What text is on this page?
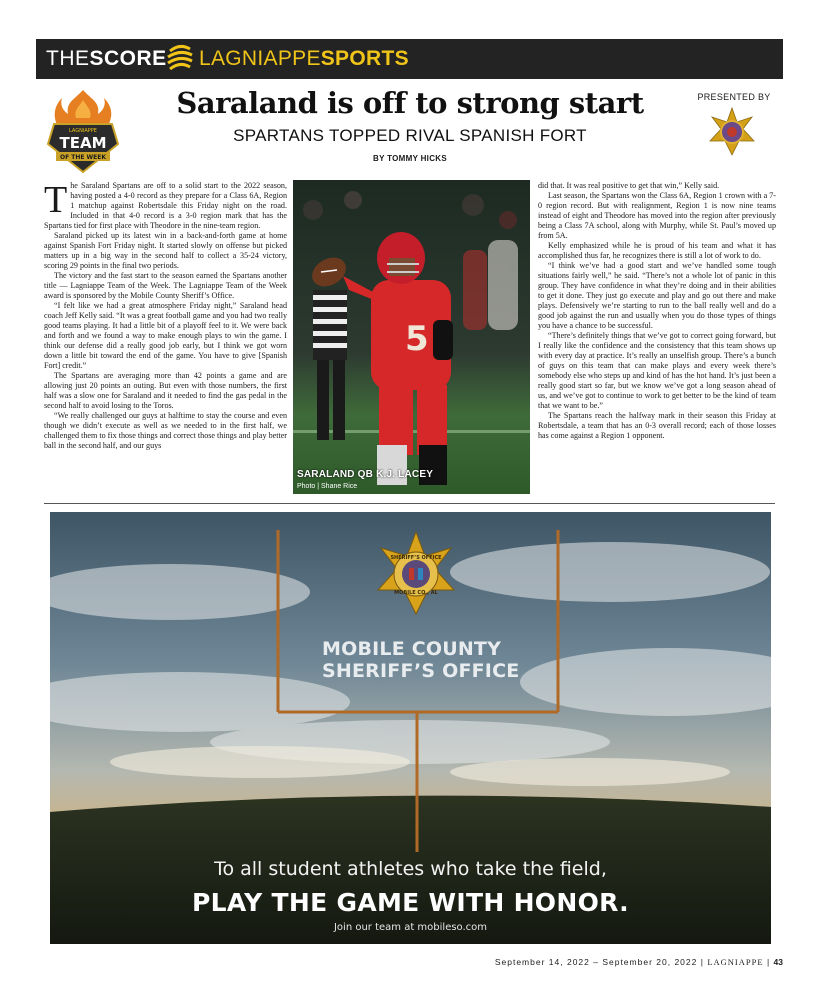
THESCORE LAGNIAPPESPORTS
LAGNIAPPE
TEAM
OF THE WEEK
Saraland is off to strong start
SPARTANS TOPPED RIVAL SPANISH FORT
BY TOMMY HICKS
PRESENTED BY
T he Saraland Spartans are off to a solid start to the 2022 season, having posted a 4-0 record as they prepare for a Class 6A, Region 1 matchup against Robertsdale this Friday night on the road. Included in that 4-0 record is a 3-0 region mark that has the Spartans tied for first place with Theodore in the nine-team region.

Saraland picked up its latest win in a back-and-forth game at home against Spanish Fort Friday night. It started slowly on offense but picked matters up in a big way in the second half to collect a 35-24 victory, scoring 29 points in the final two periods.

The victory and the fast start to the season earned the Spartans another title — Lagniappe Team of the Week. The Lagniappe Team of the Week award is sponsored by the Mobile County Sheriff’s Office.

“I felt like we had a great atmosphere Friday night,” Saraland head coach Jeff Kelly said. “It was a great football game and you had two really good teams playing. It had a little bit of a playoff feel to it. We were back and forth and we found a way to make enough plays to win the game. I think our defense did a really good job early, but I think we got worn down a little bit toward the end of the game. You have to give [Spanish Fort] credit.”

The Spartans are averaging more than 42 points a game and are allowing just 20 points an outing. But even with those numbers, the first half was a slow one for Saraland and it needed to find the gas pedal in the second half to avoid losing to the Toros.

“We really challenged our guys at halftime to stay the course and even though we didn’t execute as well as we needed to in the first half, we challenged them to fix those things and correct those things and play better ball in the second half, and our guys

5
SARALAND QB K.J. LACEY
Photo | Shane Rice

did that. It was real positive to get that win,” Kelly said.

Last season, the Spartans won the Class 6A, Region 1 crown with a 7-0 region record. But with realignment, Region 1 is now nine teams instead of eight and Theodore has moved into the region after previously being a Class 7A school, along with Murphy, while St. Paul’s moved up from 5A.

Kelly emphasized while he is proud of his team and what it has accomplished thus far, he recognizes there is still a lot of work to do.

“I think we’ve had a good start and we’ve handled some tough situations fairly well,” he said. “There’s not a whole lot of panic in this group. They have confidence in what they’re doing and in their abilities to get it done. They just go execute and play and go out there and make plays. Defensively we’re starting to run to the ball really well and do a good job against the run and usually when you do those types of things you have a chance to be successful.

“There’s definitely things that we’ve got to correct going forward, but I really like the confidence and the consistency that this team shows up with every day at practice. It’s really an unselfish group. There’s a bunch of guys on this team that can make plays and every week there’s somebody else who steps up and kind of has the hot hand. It’s just been a really good start so far, but we know we’ve got a long season ahead of us, and we’ve got to continue to work to get better to be the kind of team that we want to be.”

The Spartans reach the halfway mark in their season this Friday at Robertsdale, a team that has an 0-3 overall record; each of those losses has come against a Region 1 opponent.

SHERIFF’S OFFICE
MOBILE CO., AL
MOBILE COUNTY
SHERIFF’S OFFICE
To all student athletes who take the field,
PLAY THE GAME WITH HONOR.
Join our team at mobileso.com
September 14, 2022 – September 20, 2022 | LAGNIAPPE | 43
